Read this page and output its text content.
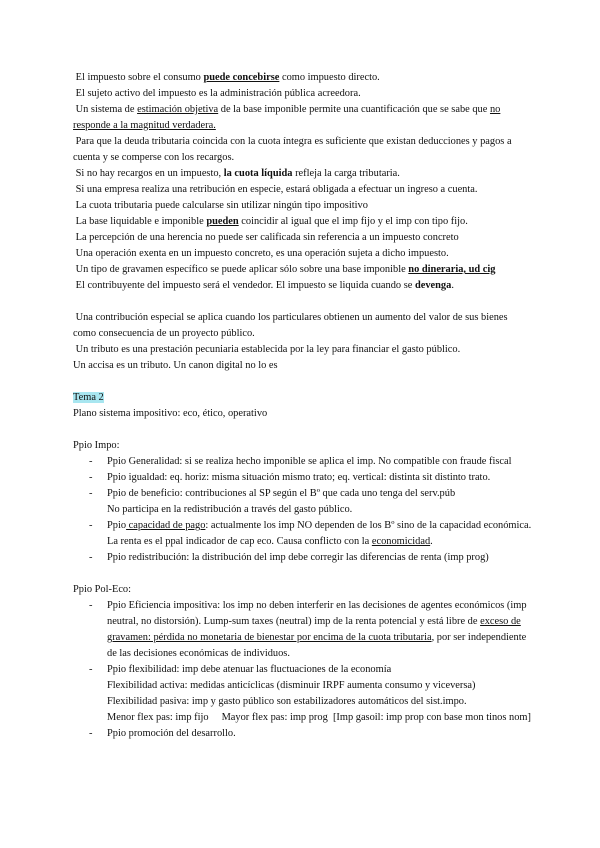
El impuesto sobre el consumo puede concebirse como impuesto directo.
El sujeto activo del impuesto es la administración pública acreedora.
Un sistema de estimación objetiva de la base imponible permite una cuantificación que se sabe que no responde a la magnitud verdadera.
Para que la deuda tributaria coincida con la cuota íntegra es suficiente que existan deducciones y pagos a cuenta y se comperse con los recargos.
Si no hay recargos en un impuesto, la cuota líquida refleja la carga tributaria.
Si una empresa realiza una retribución en especie, estará obligada a efectuar un ingreso a cuenta.
La cuota tributaria puede calcularse sin utilizar ningún tipo impositivo
La base liquidable e imponible pueden coincidir al igual que el imp fijo y el imp con tipo fijo.
La percepción de una herencia no puede ser calificada sin referencia a un impuesto concreto
Una operación exenta en un impuesto concreto, es una operación sujeta a dicho impuesto.
Un tipo de gravamen específico se puede aplicar sólo sobre una base imponible no dineraria, ud cig
El contribuyente del impuesto será el vendedor. El impuesto se liquida cuando se devenga.
Una contribución especial se aplica cuando los particulares obtienen un aumento del valor de sus bienes como consecuencia de un proyecto público.
Un tributo es una prestación pecuniaria establecida por la ley para financiar el gasto público.
Un accisa es un tributo. Un canon digital no lo es
Tema 2
Plano sistema impositivo: eco, ético, operativo
Ppio Impo:
- Ppio Generalidad: si se realiza hecho imponible se aplica el imp. No compatible con fraude fiscal
- Ppio igualdad: eq. horiz: misma situación mismo trato; eq. vertical: distinta sit distinto trato.
- Ppio de beneficio: contribuciones al SP según el Bº que cada uno tenga del serv.púb
No participa en la redistribución a través del gasto público.
- Ppio capacidad de pago: actualmente los imp NO dependen de los Bº sino de la capacidad económica. La renta es el ppal indicador de cap eco. Causa conflicto con la economicidad.
- Ppio redistribución: la distribución del imp debe corregir las diferencias de renta (imp prog)
Ppio Pol-Eco:
- Ppio Eficiencia impositiva: los imp no deben interferir en las decisiones de agentes económicos (imp neutral, no distorsión). Lump-sum taxes (neutral) imp de la renta potencial y está libre de exceso de gravamen: pérdida no monetaria de bienestar por encima de la cuota tributaria, por ser independiente de las decisiones económicas de individuos.
- Ppio flexibilidad: imp debe atenuar las fluctuaciones de la economía
Flexibilidad activa: medidas anticíclicas (disminuir IRPF aumenta consumo y viceversa)
Flexibilidad pasiva: imp y gasto público son estabilizadores automáticos del sist.impo.
Menor flex pas: imp fijo     Mayor flex pas: imp prog  [Imp gasoil: imp prop con base mon tinos nom]
- Ppio promoción del desarrollo.
